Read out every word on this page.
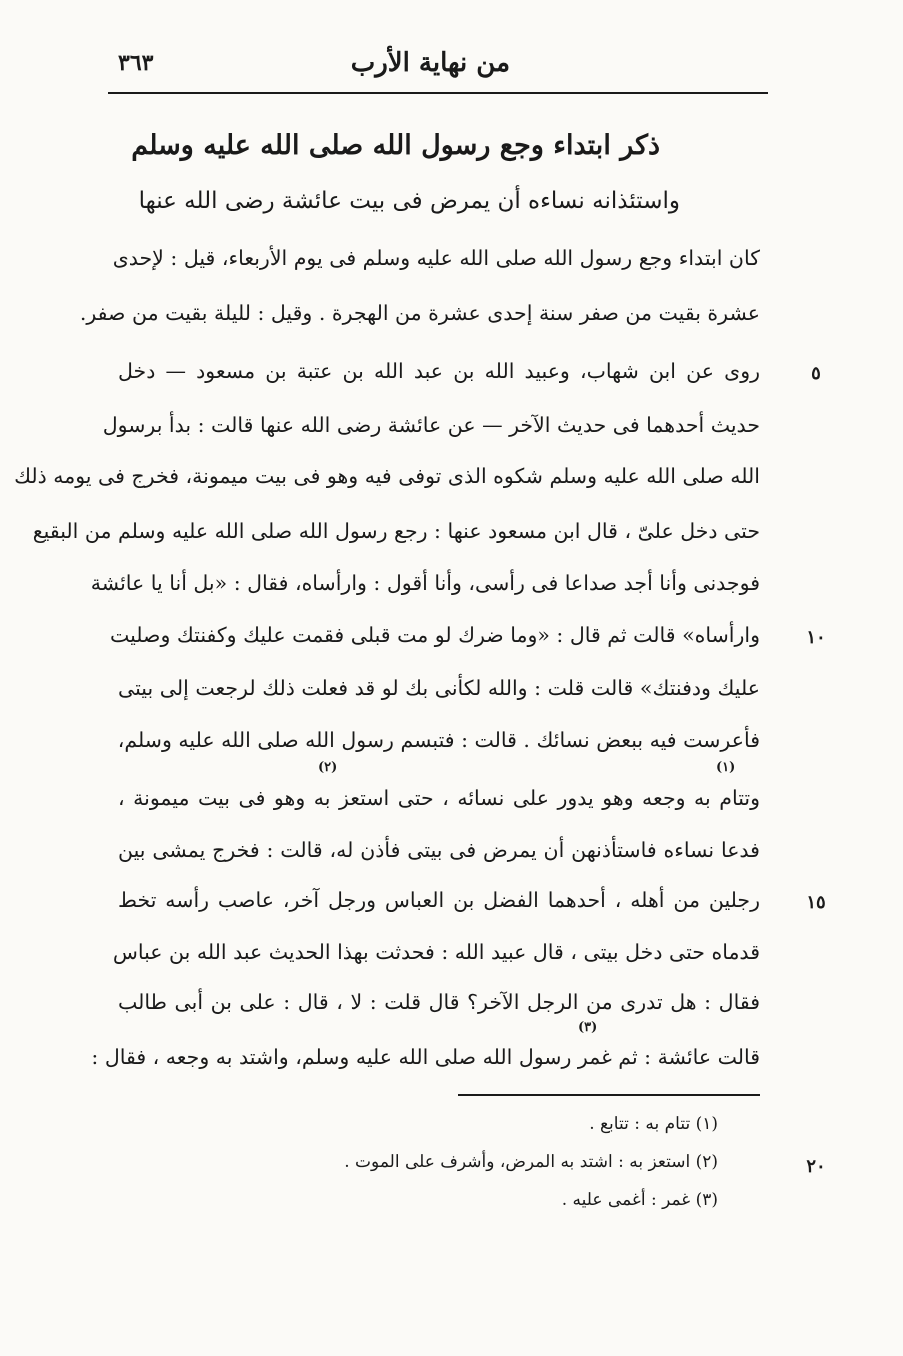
٣٦٣	من نهاية الأرب
ذكر ابتداء وجع رسول الله صلى الله عليه وسلم
واستئذانه نساءه أن يمرض فى بيت عائشة رضى الله عنها
كان ابتداء وجع رسول الله صلى الله عليه وسلم فى يوم الأربعاء، قيل : لإحدى
عشرة بقيت من صفر سنة إحدى عشرة من الهجرة . وقيل : لليلة بقيت من صفر.
روى عن ابن شهاب، وعبيد الله بن عبد الله بن عتبة بن مسعود — دخل
حديث أحدهما فى حديث الآخر — عن عائشة رضى الله عنها قالت : بدأ برسول
الله صلى الله عليه وسلم شكوه الذى توفى فيه وهو فى بيت ميمونة، فخرج فى يومه ذلك
حتى دخل علىّ ، قال ابن مسعود عنها : رجع رسول الله صلى الله عليه وسلم من البقيع
فوجدنى وأنا أجد صداعا فى رأسى، وأنا أقول : وارأساه، فقال : «بل أنا يا عائشة
وارأساه» قالت ثم قال : «وما ضرك لو مت قبلى فقمت عليك وكفنتك وصليت
عليك ودفنتك» قالت قلت : والله لكأنى بك لو قد فعلت ذلك لرجعت إلى بيتى
فأعرست فيه ببعض نسائك . قالت : فتبسم رسول الله صلى الله عليه وسلم،
وتتام به وجعه وهو يدور على نسائه ، حتى استعز به وهو فى بيت ميمونة ،
فدعا نساءه فاستأذنهن أن يمرض فى بيتى فأذن له، قالت : فخرج يمشى بين
رجلين من أهله ، أحدهما الفضل بن العباس ورجل آخر، عاصب رأسه تخط
قدماه حتى دخل بيتى ، قال عبيد الله : فحدثت بهذا الحديث عبد الله بن عباس
فقال : هل تدرى من الرجل الآخر؟ قال قلت : لا ، قال : على بن أبى طالب
قالت عائشة : ثم غمر رسول الله صلى الله عليه وسلم، واشتد به وجعه ، فقال :
(١)
(٢)
(٣)
٥
١٠
١٥
٢٠
(١) تتام به : تتابع .
(٢) استعز به : اشتد به المرض، وأشرف على الموت .
(٣) غمر : أغمى عليه .
